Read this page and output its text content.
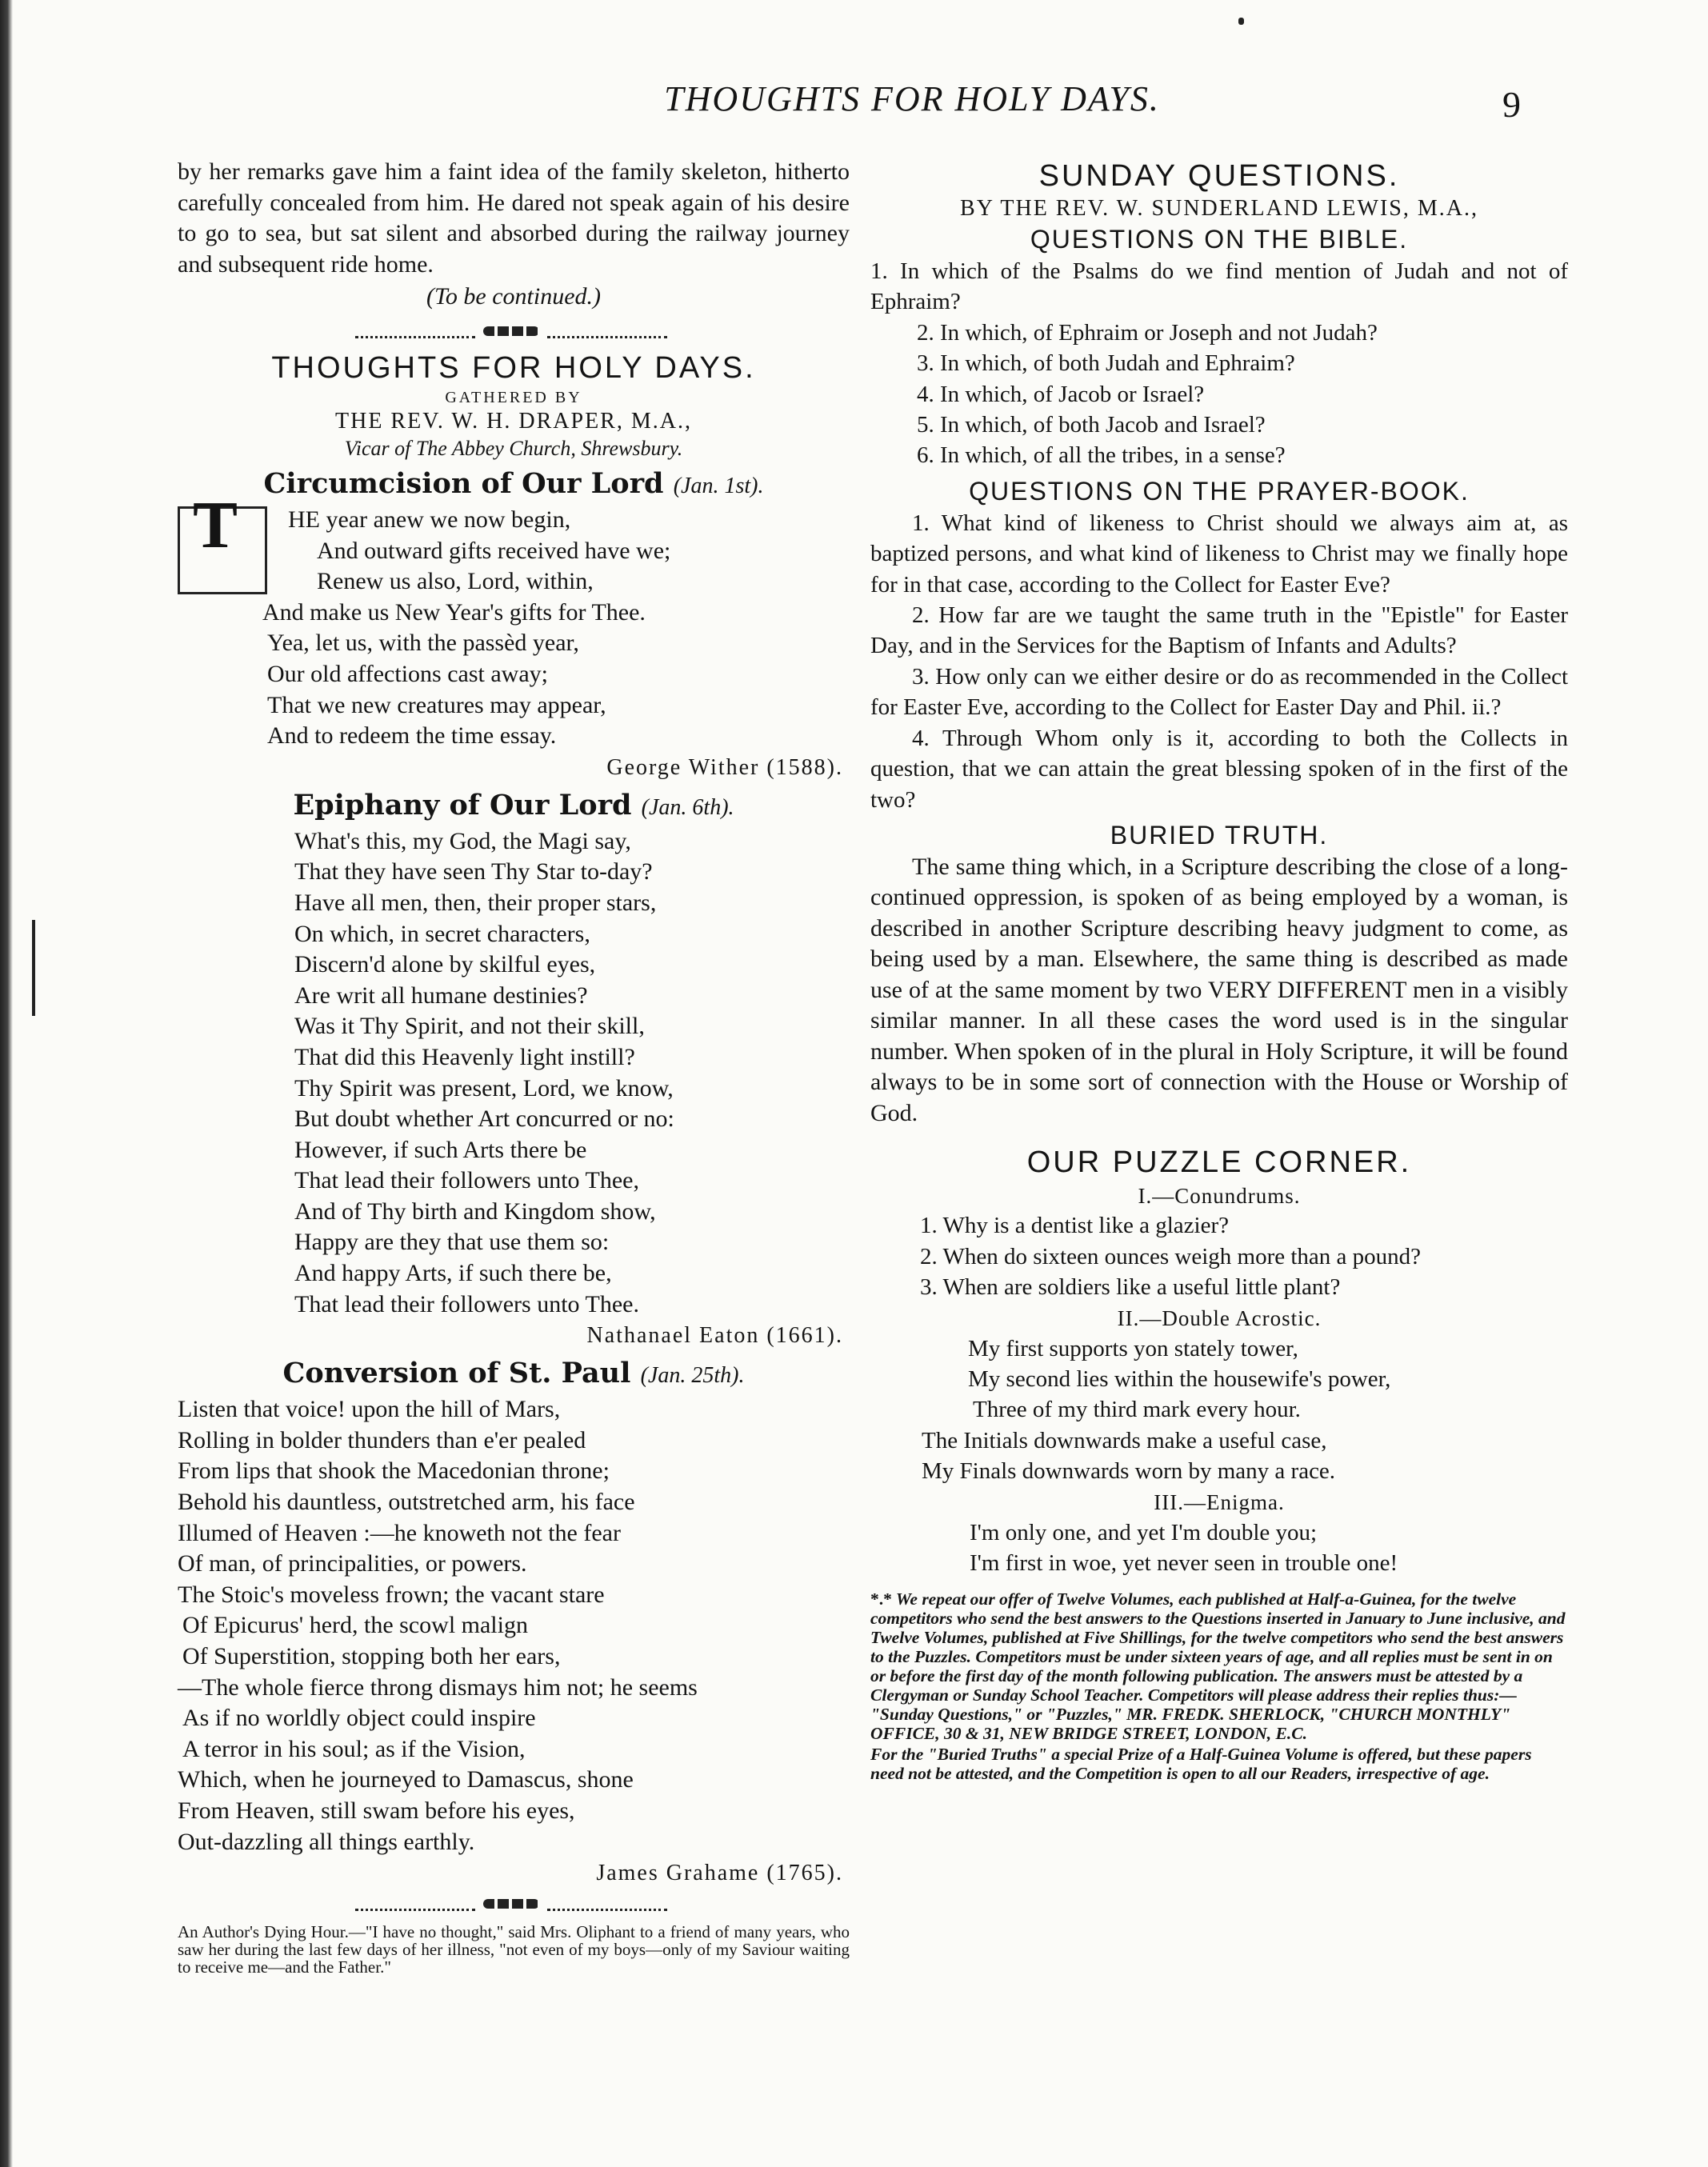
THOUGHTS FOR HOLY DAYS.	9

by her remarks gave him a faint idea of the family skeleton, hitherto carefully concealed from him. He dared not speak again of his desire to go to sea, but sat silent and absorbed during the railway journey and subsequent ride home.

(To be continued.)

THOUGHTS FOR HOLY DAYS.
GATHERED BY
THE REV. W. H. DRAPER, M.A.,
Vicar of The Abbey Church, Shrewsbury.
Circumcision of Our Lord (Jan. 1st).
T	HE year anew we now begin,
And outward gifts received have we;
Renew us also, Lord, within,
And make us New Year's gifts for Thee.
Yea, let us, with the passèd year,
Our old affections cast away;
That we new creatures may appear,
And to redeem the time essay.
George Wither (1588).
Epiphany of Our Lord (Jan. 6th).
What's this, my God, the Magi say,
That they have seen Thy Star to-day?
Have all men, then, their proper stars,
On which, in secret characters,
Discern'd alone by skilful eyes,
Are writ all humane destinies?
Was it Thy Spirit, and not their skill,
That did this Heavenly light instill?
Thy Spirit was present, Lord, we know,
But doubt whether Art concurred or no:
However, if such Arts there be
That lead their followers unto Thee,
And of Thy birth and Kingdom show,
Happy are they that use them so:
And happy Arts, if such there be,
That lead their followers unto Thee.
Nathanael Eaton (1661).
Conversion of St. Paul (Jan. 25th).
Listen that voice! upon the hill of Mars,
Rolling in bolder thunders than e'er pealed
From lips that shook the Macedonian throne;
Behold his dauntless, outstretched arm, his face
Illumed of Heaven :—he knoweth not the fear
Of man, of principalities, or powers.
The Stoic's moveless frown; the vacant stare
Of Epicurus' herd, the scowl malign
Of Superstition, stopping both her ears,
—The whole fierce throng dismays him not; he seems
As if no worldly object could inspire
A terror in his soul; as if the Vision,
Which, when he journeyed to Damascus, shone
From Heaven, still swam before his eyes,
Out-dazzling all things earthly.
James Grahame (1765).

An Author's Dying Hour.—"I have no thought," said Mrs. Oliphant to a friend of many years, who saw her during the last few days of her illness, "not even of my boys—only of my Saviour waiting to receive me—and the Father."

SUNDAY QUESTIONS.
BY THE REV. W. SUNDERLAND LEWIS, M.A.,
QUESTIONS ON THE BIBLE.

1. In which of the Psalms do we find mention of Judah and not of Ephraim?

2. In which, of Ephraim or Joseph and not Judah?

3. In which, of both Judah and Ephraim?

4. In which, of Jacob or Israel?

5. In which, of both Jacob and Israel?

6. In which, of all the tribes, in a sense?

QUESTIONS ON THE PRAYER-BOOK.

1. What kind of likeness to Christ should we always aim at, as baptized persons, and what kind of likeness to Christ may we finally hope for in that case, according to the Collect for Easter Eve?

2. How far are we taught the same truth in the "Epistle" for Easter Day, and in the Services for the Baptism of Infants and Adults?

3. How only can we either desire or do as recommended in the Collect for Easter Eve, according to the Collect for Easter Day and Phil. ii.?

4. Through Whom only is it, according to both the Collects in question, that we can attain the great blessing spoken of in the first of the two?

BURIED TRUTH.

The same thing which, in a Scripture describing the close of a long-continued oppression, is spoken of as being employed by a woman, is described in another Scripture describing heavy judgment to come, as being used by a man. Elsewhere, the same thing is described as made use of at the same moment by two VERY DIFFERENT men in a visibly similar manner. In all these cases the word used is in the singular number. When spoken of in the plural in Holy Scripture, it will be found always to be in some sort of connection with the House or Worship of God.

OUR PUZZLE CORNER.
I.—Conundrums.

1. Why is a dentist like a glazier?

2. When do sixteen ounces weigh more than a pound?

3. When are soldiers like a useful little plant?

II.—Double Acrostic.

My first supports yon stately tower,

My second lies within the housewife's power,

Three of my third mark every hour.

The Initials downwards make a useful case,

My Finals downwards worn by many a race.

III.—Enigma.

I'm only one, and yet I'm double you;

I'm first in woe, yet never seen in trouble one!

*.* We repeat our offer of Twelve Volumes, each published at Half-a-Guinea, for the twelve competitors who send the best answers to the Questions inserted in January to June inclusive, and Twelve Volumes, published at Five Shillings, for the twelve competitors who send the best answers to the Puzzles. Competitors must be under sixteen years of age, and all replies must be sent in on or before the first day of the month following publication. The answers must be attested by a Clergyman or Sunday School Teacher. Competitors will please address their replies thus:— "Sunday Questions," or "Puzzles," MR. FREDK. SHERLOCK, "CHURCH MONTHLY" OFFICE, 30 & 31, NEW BRIDGE STREET, LONDON, E.C.

For the "Buried Truths" a special Prize of a Half-Guinea Volume is offered, but these papers need not be attested, and the Competition is open to all our Readers, irrespective of age.
